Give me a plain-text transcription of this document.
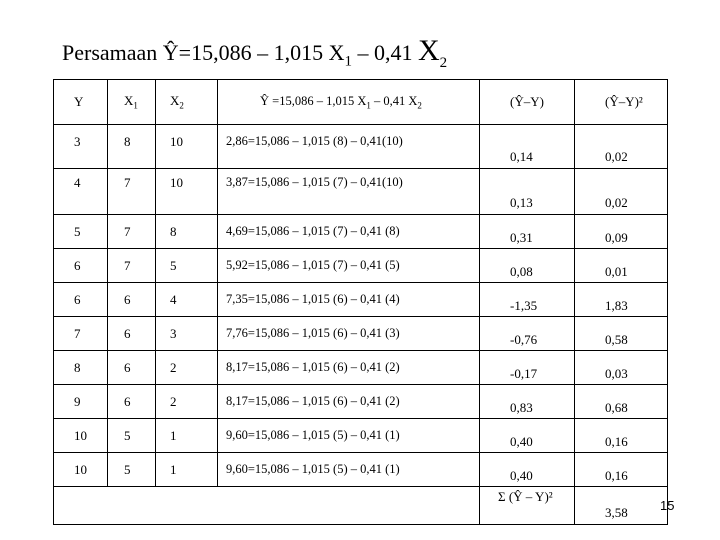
Persamaan Ŷ=15,086 – 1,015 $X_1 - 0,41$ $X_2$
Y	$X_1$	$X_2$	Ŷ =15,086 – 1,015 $X_1 - 0,41$ $X_2$	(Ŷ–Y)	(Ŷ–Y)²
3	8	10	2,86=15,086 – 1,015 (8) – 0,41(10)	0,14	0,02
4	7	10	3,87=15,086 – 1,015 (7) – 0,41(10)	0,13	0,02
5	7	8	4,69=15,086 – 1,015 (7) – 0,41 (8)	0,31	0,09
6	7	5	5,92=15,086 – 1,015 (7) – 0,41 (5)	0,08	0,01
6	6	4	7,35=15,086 – 1,015 (6) – 0,41 (4)	-1,35	1,83
7	6	3	7,76=15,086 – 1,015 (6) – 0,41 (3)	-0,76	0,58
8	6	2	8,17=15,086 – 1,015 (6) – 0,41 (2)	-0,17	0,03
9	6	2	8,17=15,086 – 1,015 (6) – 0,41 (2)	0,83	0,68
10	5	1	9,60=15,086 – 1,015 (5) – 0,41 (1)	0,40	0,16
10	5	1	9,60=15,086 – 1,015 (5) – 0,41 (1)	0,40	0,16
				Σ (Ŷ – Y)²	3,58 15
